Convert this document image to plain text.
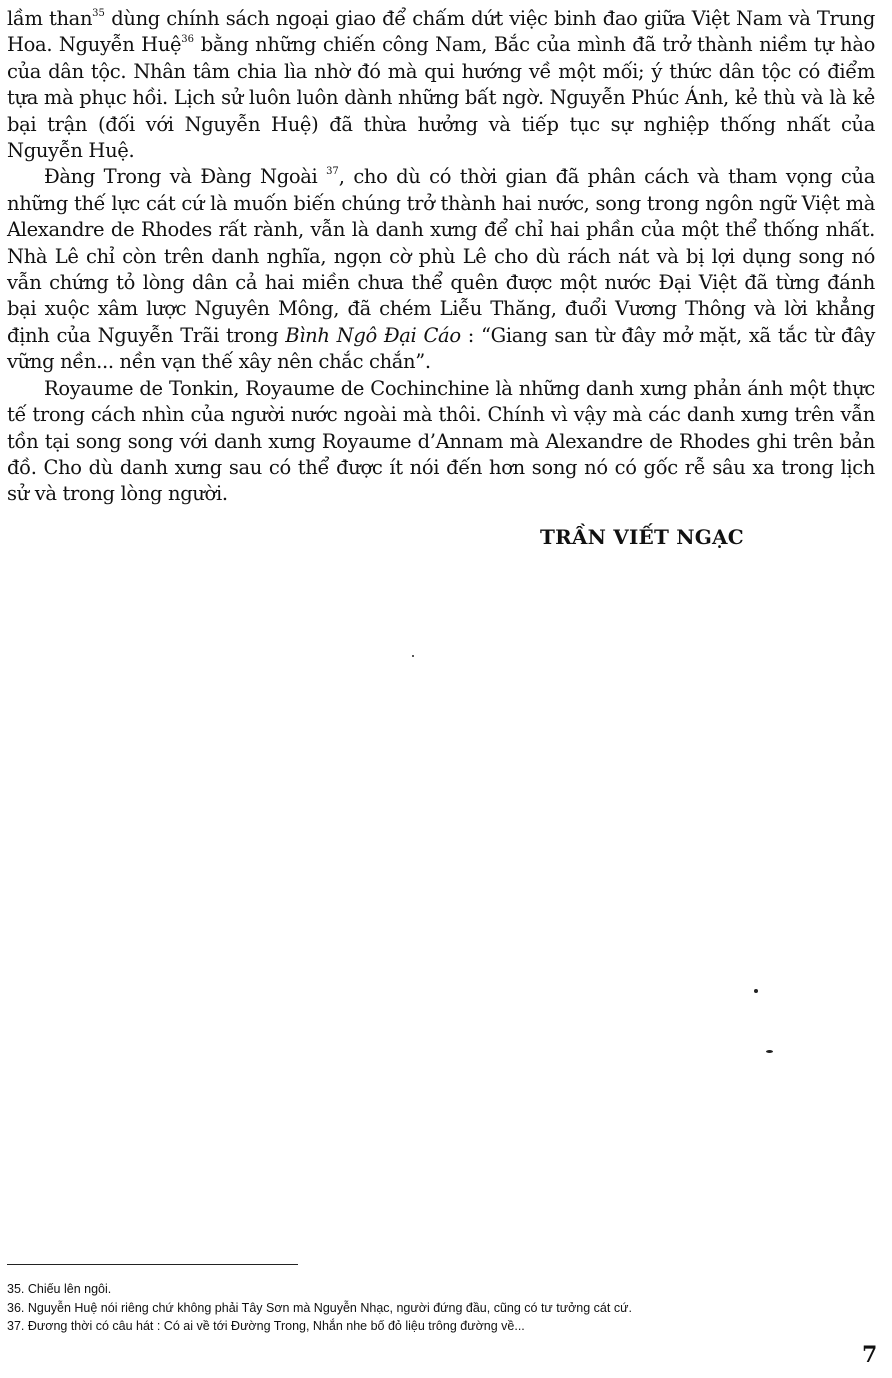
lầm than$^{35}$ dùng chính sách ngoại giao để chấm dứt việc binh đao giữa Việt Nam và Trung Hoa. Nguyễn Huệ$^{36}$ bằng những chiến công Nam, Bắc của mình đã trở thành niềm tự hào của dân tộc. Nhân tâm chia lìa nhờ đó mà qui hướng về một mối; ý thức dân tộc có điểm tựa mà phục hồi. Lịch sử luôn luôn dành những bất ngờ. Nguyễn Phúc Ánh, kẻ thù và là kẻ bại trận (đối với Nguyễn Huệ) đã thừa hưởng và tiếp tục sự nghiệp thống nhất của Nguyễn Huệ.

Đàng Trong và Đàng Ngoài $^{37}$, cho dù có thời gian đã phân cách và tham vọng của những thế lực cát cứ là muốn biến chúng trở thành hai nước, song trong ngôn ngữ Việt mà Alexandre de Rhodes rất rành, vẫn là danh xưng để chỉ hai phần của một thể thống nhất. Nhà Lê chỉ còn trên danh nghĩa, ngọn cờ phù Lê cho dù rách nát và bị lợi dụng song nó vẫn chứng tỏ lòng dân cả hai miền chưa thể quên được một nước Đại Việt đã từng đánh bại xuộc xâm lược Nguyên Mông, đã chém Liễu Thăng, đuổi Vương Thông và lời khẳng định của Nguyễn Trãi trong Bình Ngô Đại Cáo : “Giang san từ đây mở mặt, xã tắc từ đây vững nền... nền vạn thế xây nên chắc chắn”.

Royaume de Tonkin, Royaume de Cochinchine là những danh xưng phản ánh một thực tế trong cách nhìn của người nước ngoài mà thôi. Chính vì vậy mà các danh xưng trên vẫn tồn tại song song với danh xưng Royaume d’Annam mà Alexandre de Rhodes ghi trên bản đồ. Cho dù danh xưng sau có thể được ít nói đến hơn song nó có gốc rễ sâu xa trong lịch sử và trong lòng người.

TRẦN VIẾT NGẠC
35. Chiếu lên ngôi.
36. Nguyễn Huệ nói riêng chứ không phải Tây Sơn mà Nguyễn Nhạc, người đứng đầu, cũng có tư tưởng cát cứ.
37. Đương thời có câu hát : Có ai về tới Đường Trong, Nhắn nhe bố đỏ liệu trông đường về...
7
